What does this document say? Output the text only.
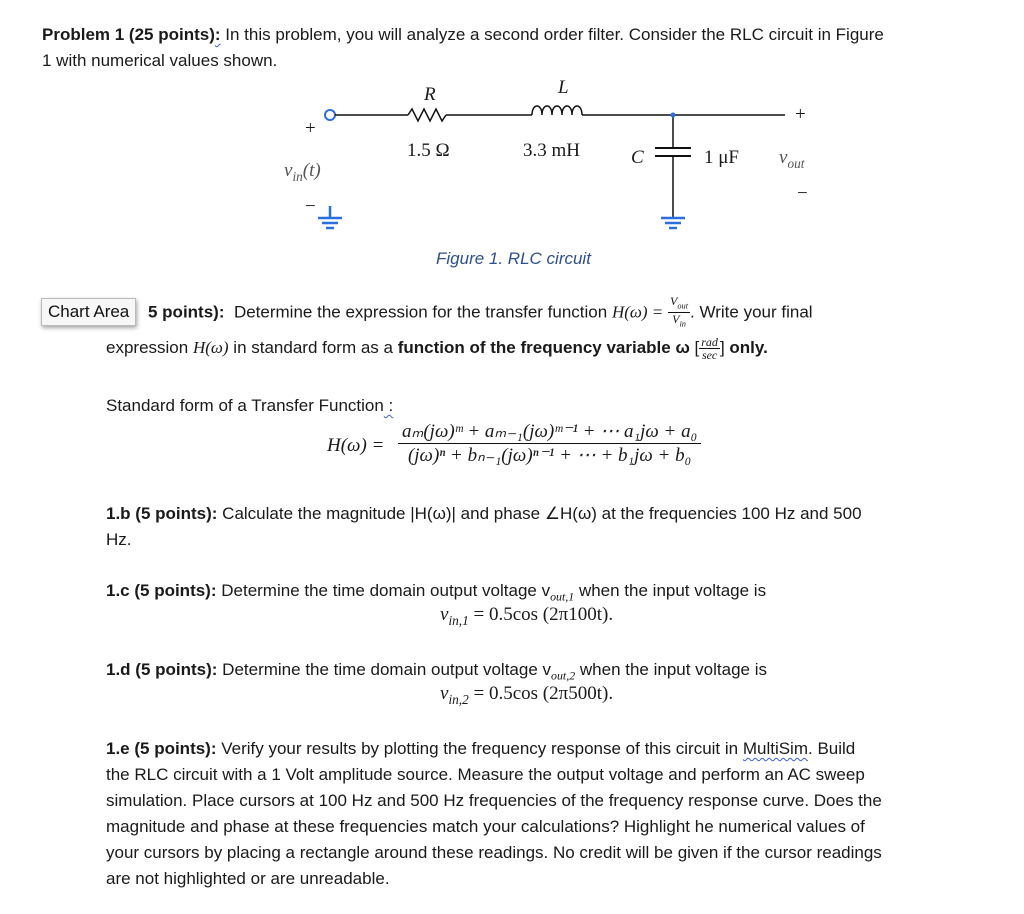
Problem 1 (25 points): In this problem, you will analyze a second order filter. Consider the RLC circuit in Figure
1 with numerical values shown.
R
1.5 Ω
L
3.3 mH	C	1 μF
+
$v_{in}(t)$
−
+
$v_{out}$
−
Figure 1. RLC circuit
Chart Area	5 points): Determine the expression for the transfer function $H(\omega) = \frac{V_{out}}{V_{in}}$ . Write your final
expression H(ω) in standard form as a function of the frequency variable ω [ $\frac{\text{rad}}{\sec}$ ] only.
Standard form of a Transfer Function :
$H(\omega) = \frac{\text{aₘ(jω)ᵐ + aₘ₋₁(jω)ᵐ⁻¹ + ⋯ a₁jω + a₀}}{\text{(jω)ⁿ + bₙ₋₁(jω)ⁿ⁻¹ + ⋯ + b₁jω + b₀}}$
1.b (5 points): Calculate the magnitude |H(ω)| and phase ∠H(ω) at the frequencies 100 Hz and 500
Hz.
1.c (5 points): Determine the time domain output voltage $v_{out,1}$ when the input voltage is
$v_{in,1} = 0.5\cos$ (2π100t).
1.d (5 points): Determine the time domain output voltage $v_{out,2}$ when the input voltage is
$v_{in,2} = 0.5\cos$ (2π500t).
1.e (5 points): Verify your results by plotting the frequency response of this circuit in MultiSim. Build
the RLC circuit with a 1 Volt amplitude source. Measure the output voltage and perform an AC sweep
simulation. Place cursors at 100 Hz and 500 Hz frequencies of the frequency response curve. Does the
magnitude and phase at these frequencies match your calculations? Highlight he numerical values of
your cursors by placing a rectangle around these readings. No credit will be given if the cursor readings
are not highlighted or are unreadable.
